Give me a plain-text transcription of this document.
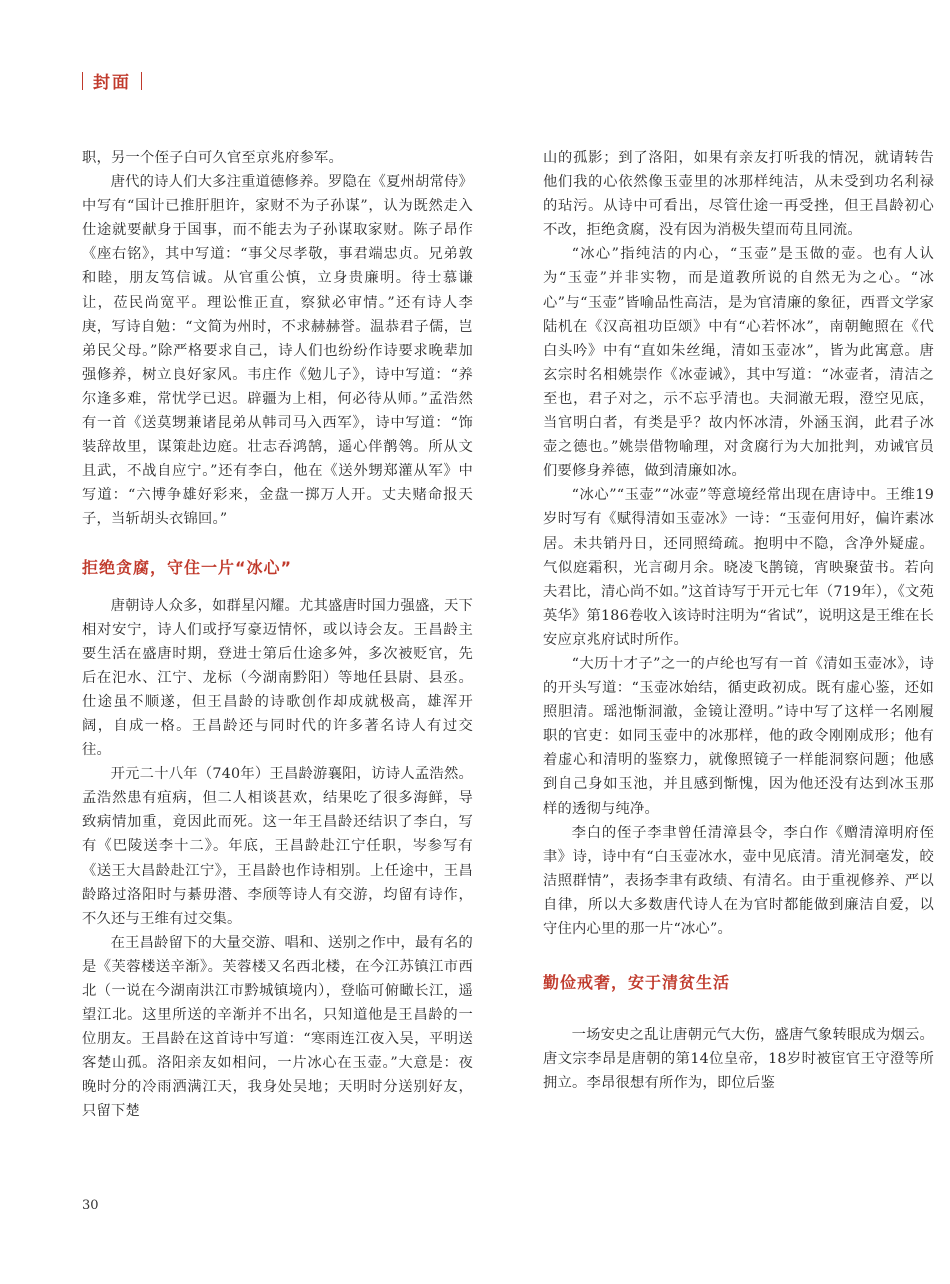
封面

职，另一个侄子白可久官至京兆府参军。

唐代的诗人们大多注重道德修养。罗隐在《夏州胡常侍》中写有“国计已推肝胆许，家财不为子孙谋”，认为既然走入仕途就要献身于国事，而不能去为子孙谋取家财。陈子昂作《座右铭》，其中写道：“事父尽孝敬，事君端忠贞。兄弟敦和睦，朋友笃信诚。从官重公慎，立身贵廉明。待士慕谦让，莅民尚宽平。理讼惟正直，察狱必审情。”还有诗人李庚，写诗自勉：“文简为州时，不求赫赫誉。温恭君子儒，岂弟民父母。”除严格要求自己，诗人们也纷纷作诗要求晚辈加强修养，树立良好家风。韦庄作《勉儿子》，诗中写道：“养尔逢多难，常忧学已迟。辟疆为上相，何必待从师。”孟浩然有一首《送莫甥兼诸昆弟从韩司马入西军》，诗中写道：“饰装辞故里，谋策赴边庭。壮志吞鸿鹄，遥心伴鹡鸰。所从文且武，不战自应宁。”还有李白，他在《送外甥郑灌从军》中写道：“六博争雄好彩来，金盘一掷万人开。丈夫赌命报天子，当斩胡头衣锦回。”

拒绝贪腐，守住一片“冰心”

唐朝诗人众多，如群星闪耀。尤其盛唐时国力强盛，天下相对安宁，诗人们或抒写豪迈情怀，或以诗会友。王昌龄主要生活在盛唐时期，登进士第后仕途多舛，多次被贬官，先后在汜水、江宁、龙标（今湖南黔阳）等地任县尉、县丞。仕途虽不顺遂，但王昌龄的诗歌创作却成就极高，雄浑开阔，自成一格。王昌龄还与同时代的许多著名诗人有过交往。

开元二十八年（740年）王昌龄游襄阳，访诗人孟浩然。孟浩然患有疽病，但二人相谈甚欢，结果吃了很多海鲜，导致病情加重，竟因此而死。这一年王昌龄还结识了李白，写有《巴陵送李十二》。年底，王昌龄赴江宁任职，岑参写有《送王大昌龄赴江宁》，王昌龄也作诗相别。上任途中，王昌龄路过洛阳时与綦毋潜、李颀等诗人有交游，均留有诗作，不久还与王维有过交集。

在王昌龄留下的大量交游、唱和、送别之作中，最有名的是《芙蓉楼送辛渐》。芙蓉楼又名西北楼，在今江苏镇江市西北（一说在今湖南洪江市黔城镇境内），登临可俯瞰长江，遥望江北。这里所送的辛渐并不出名，只知道他是王昌龄的一位朋友。王昌龄在这首诗中写道：“寒雨连江夜入吴，平明送客楚山孤。洛阳亲友如相问，一片冰心在玉壶。”大意是：夜晚时分的冷雨洒满江天，我身处吴地；天明时分送别好友，只留下楚

山的孤影；到了洛阳，如果有亲友打听我的情况，就请转告他们我的心依然像玉壶里的冰那样纯洁，从未受到功名利禄的玷污。从诗中可看出，尽管仕途一再受挫，但王昌龄初心不改，拒绝贪腐，没有因为消极失望而苟且同流。

“冰心”指纯洁的内心，“玉壶”是玉做的壶。也有人认为“玉壶”并非实物，而是道教所说的自然无为之心。“冰心”与“玉壶”皆喻品性高洁，是为官清廉的象征，西晋文学家陆机在《汉高祖功臣颂》中有“心若怀冰”，南朝鲍照在《代白头吟》中有“直如朱丝绳，清如玉壶冰”，皆为此寓意。唐玄宗时名相姚崇作《冰壶诫》，其中写道：“冰壶者，清洁之至也，君子对之，示不忘乎清也。夫洞澈无瑕，澄空见底，当官明白者，有类是乎？故内怀冰清，外涵玉润，此君子冰壶之德也。”姚崇借物喻理，对贪腐行为大加批判，劝诫官员们要修身养德，做到清廉如冰。

“冰心”“玉壶”“冰壶”等意境经常出现在唐诗中。王维19岁时写有《赋得清如玉壶冰》一诗：“玉壶何用好，偏许素冰居。未共销丹日，还同照绮疏。抱明中不隐，含净外疑虚。气似庭霜积，光言砌月余。晓凌飞鹊镜，宵映聚萤书。若向夫君比，清心尚不如。”这首诗写于开元七年（719年），《文苑英华》第186卷收入该诗时注明为“省试”，说明这是王维在长安应京兆府试时所作。

“大历十才子”之一的卢纶也写有一首《清如玉壶冰》，诗的开头写道：“玉壶冰始结，循吏政初成。既有虚心鉴，还如照胆清。瑶池惭洞澈，金镜让澄明。”诗中写了这样一名刚履职的官吏：如同玉壶中的冰那样，他的政令刚刚成形；他有着虚心和清明的鉴察力，就像照镜子一样能洞察问题；他感到自己身如玉池，并且感到惭愧，因为他还没有达到冰玉那样的透彻与纯净。

李白的侄子李聿曾任清漳县令，李白作《赠清漳明府侄聿》诗，诗中有“白玉壶冰水，壶中见底清。清光洞毫发，皎洁照群情”，表扬李聿有政绩、有清名。由于重视修养、严以自律，所以大多数唐代诗人在为官时都能做到廉洁自爱，以守住内心里的那一片“冰心”。

勤俭戒奢，安于清贫生活

一场安史之乱让唐朝元气大伤，盛唐气象转眼成为烟云。唐文宗李昂是唐朝的第14位皇帝，18岁时被宦官王守澄等所拥立。李昂很想有所作为，即位后鉴

30
